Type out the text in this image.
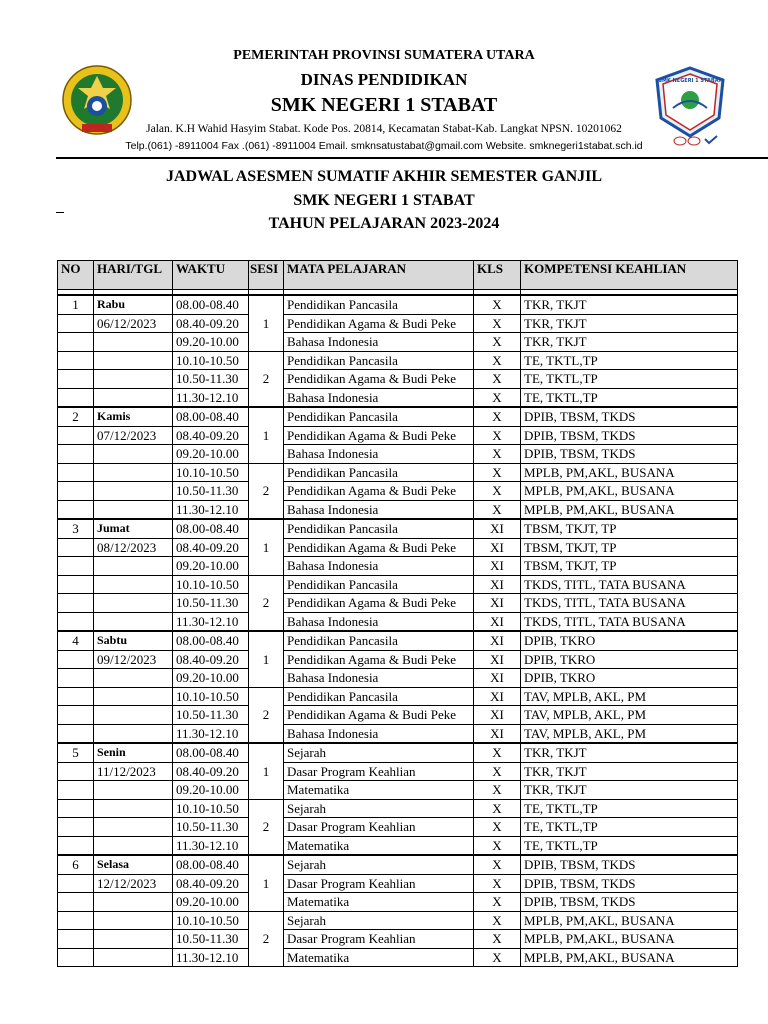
PEMERINTAH PROVINSI SUMATERA UTARA
DINAS PENDIDIKAN
SMK NEGERI 1 STABAT
Jalan. K.H Wahid Hasyim Stabat. Kode Pos. 20814, Kecamatan Stabat-Kab. Langkat NPSN. 10201062
Telp.(061) -8911004 Fax .(061) -8911004 Email. smknsatustabat@gmail.com Website. smknegeri1stabat.sch.id
SMK NEGERI 1 STABAT
JADWAL ASESMEN SUMATIF AKHIR SEMESTER GANJIL
SMK NEGERI 1 STABAT
TAHUN PELAJARAN 2023-2024
NO	HARI/TGL	WAKTU	SESI	MATA PELAJARAN	KLS	KOMPETENSI KEAHLIAN

1	Rabu	08.00-08.40	1	Pendidikan Pancasila	X	TKR, TKJT
	06/12/2023	08.40-09.20		Pendidikan Agama & Budi Peke	X	TKR, TKJT
		09.20-10.00		Bahasa Indonesia	X	TKR, TKJT
		10.10-10.50	2	Pendidikan Pancasila	X	TE, TKTL,TP
		10.50-11.30		Pendidikan Agama & Budi Peke	X	TE, TKTL,TP
		11.30-12.10		Bahasa Indonesia	X	TE, TKTL,TP
2	Kamis	08.00-08.40	1	Pendidikan Pancasila	X	DPIB, TBSM, TKDS
	07/12/2023	08.40-09.20		Pendidikan Agama & Budi Peke	X	DPIB, TBSM, TKDS
		09.20-10.00		Bahasa Indonesia	X	DPIB, TBSM, TKDS
		10.10-10.50	2	Pendidikan Pancasila	X	MPLB, PM,AKL, BUSANA
		10.50-11.30		Pendidikan Agama & Budi Peke	X	MPLB, PM,AKL, BUSANA
		11.30-12.10		Bahasa Indonesia	X	MPLB, PM,AKL, BUSANA
3	Jumat	08.00-08.40	1	Pendidikan Pancasila	XI	TBSM, TKJT, TP
	08/12/2023	08.40-09.20		Pendidikan Agama & Budi Peke	XI	TBSM, TKJT, TP
		09.20-10.00		Bahasa Indonesia	XI	TBSM, TKJT, TP
		10.10-10.50	2	Pendidikan Pancasila	XI	TKDS, TITL, TATA BUSANA
		10.50-11.30		Pendidikan Agama & Budi Peke	XI	TKDS, TITL, TATA BUSANA
		11.30-12.10		Bahasa Indonesia	XI	TKDS, TITL, TATA BUSANA
4	Sabtu	08.00-08.40	1	Pendidikan Pancasila	XI	DPIB, TKRO
	09/12/2023	08.40-09.20		Pendidikan Agama & Budi Peke	XI	DPIB, TKRO
		09.20-10.00		Bahasa Indonesia	XI	DPIB, TKRO
		10.10-10.50	2	Pendidikan Pancasila	XI	TAV, MPLB, AKL, PM
		10.50-11.30		Pendidikan Agama & Budi Peke	XI	TAV, MPLB, AKL, PM
		11.30-12.10		Bahasa Indonesia	XI	TAV, MPLB, AKL, PM
5	Senin	08.00-08.40	1	Sejarah	X	TKR, TKJT
	11/12/2023	08.40-09.20		Dasar Program Keahlian	X	TKR, TKJT
		09.20-10.00		Matematika	X	TKR, TKJT
		10.10-10.50	2	Sejarah	X	TE, TKTL,TP
		10.50-11.30		Dasar Program Keahlian	X	TE, TKTL,TP
		11.30-12.10		Matematika	X	TE, TKTL,TP
6	Selasa	08.00-08.40	1	Sejarah	X	DPIB, TBSM, TKDS
	12/12/2023	08.40-09.20		Dasar Program Keahlian	X	DPIB, TBSM, TKDS
		09.20-10.00		Matematika	X	DPIB, TBSM, TKDS
		10.10-10.50	2	Sejarah	X	MPLB, PM,AKL, BUSANA
		10.50-11.30		Dasar Program Keahlian	X	MPLB, PM,AKL, BUSANA
		11.30-12.10		Matematika	X	MPLB, PM,AKL, BUSANA
